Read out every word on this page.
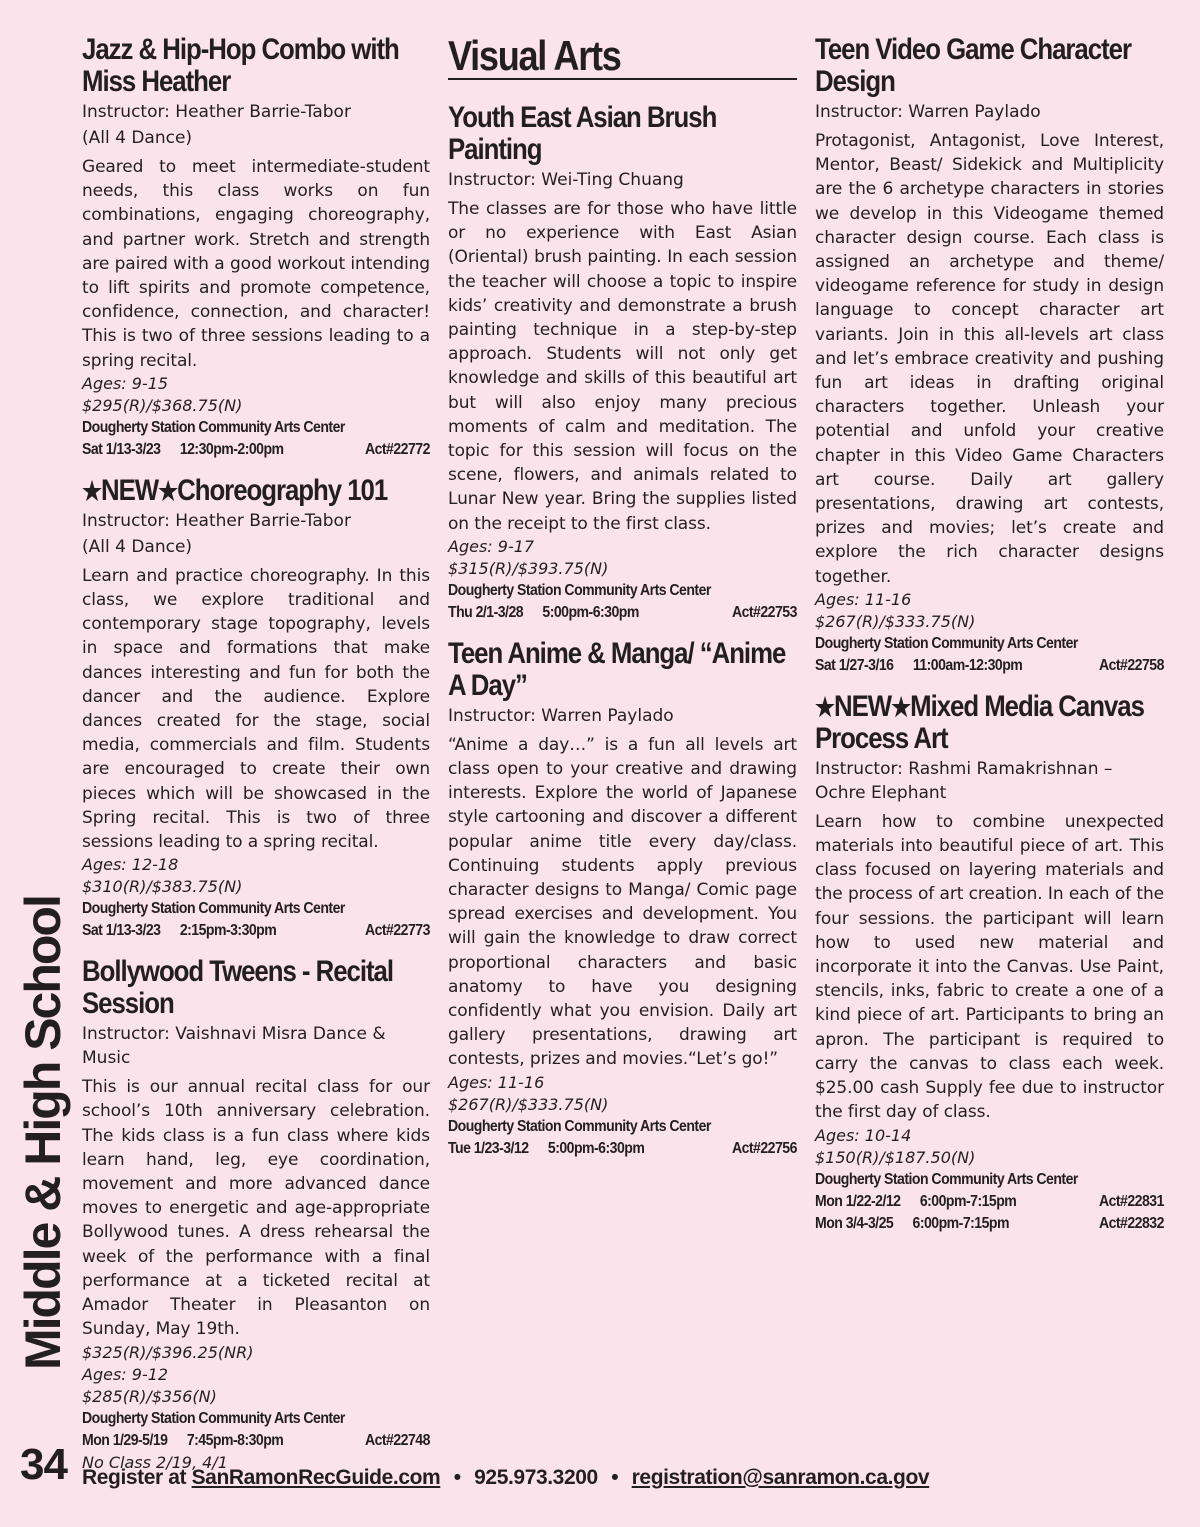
Jazz & Hip-Hop Combo with Miss Heather
Instructor: Heather Barrie-Tabor
(All 4 Dance)
Geared to meet intermediate-student needs, this class works on fun combinations, engaging choreography, and partner work. Stretch and strength are paired with a good workout intending to lift spirits and promote competence, confidence, connection, and character! This is two of three sessions leading to a spring recital.
Ages: 9-15
$295(R)/$368.75(N)
Dougherty Station Community Arts Center
Sat 1/13-3/23	12:30pm-2:00pm	Act#22772
★NEW★Choreography 101
Instructor: Heather Barrie-Tabor
(All 4 Dance)
Learn and practice choreography. In this class, we explore traditional and contemporary stage topography, levels in space and formations that make dances interesting and fun for both the dancer and the audience. Explore dances created for the stage, social media, commercials and film. Students are encouraged to create their own pieces which will be showcased in the Spring recital. This is two of three sessions leading to a spring recital.
Ages: 12-18
$310(R)/$383.75(N)
Dougherty Station Community Arts Center
Sat 1/13-3/23	2:15pm-3:30pm	Act#22773
Bollywood Tweens - Recital Session
Instructor: Vaishnavi Misra Dance & Music
This is our annual recital class for our school’s 10th anniversary celebration. The kids class is a fun class where kids learn hand, leg, eye coordination, movement and more advanced dance moves to energetic and age-appropriate Bollywood tunes. A dress rehearsal the week of the performance with a final performance at a ticketed recital at Amador Theater in Pleasanton on Sunday, May 19th.
$325(R)/$396.25(NR)
Ages: 9-12
$285(R)/$356(N)
Dougherty Station Community Arts Center
Mon 1/29-5/19	7:45pm-8:30pm	Act#22748
No Class 2/19, 4/1
Visual Arts
Youth East Asian Brush Painting
Instructor: Wei-Ting Chuang
The classes are for those who have little or no experience with East Asian (Oriental) brush painting. In each session the teacher will choose a topic to inspire kids’ creativity and demonstrate a brush painting technique in a step-by-step approach. Students will not only get knowledge and skills of this beautiful art but will also enjoy many precious moments of calm and meditation. The topic for this session will focus on the scene, flowers, and animals related to Lunar New year. Bring the supplies listed on the receipt to the first class.
Ages: 9-17
$315(R)/$393.75(N)
Dougherty Station Community Arts Center
Thu 2/1-3/28	5:00pm-6:30pm	Act#22753
Teen Anime & Manga/ “Anime A Day”
Instructor: Warren Paylado
“Anime a day…” is a fun all levels art class open to your creative and drawing interests. Explore the world of Japanese style cartooning and discover a different popular anime title every day/class. Continuing students apply previous character designs to Manga/ Comic page spread exercises and development. You will gain the knowledge to draw correct proportional characters and basic anatomy to have you designing confidently what you envision. Daily art gallery presentations, drawing art contests, prizes and movies.“Let’s go!”
Ages: 11-16
$267(R)/$333.75(N)
Dougherty Station Community Arts Center
Tue 1/23-3/12	5:00pm-6:30pm	Act#22756
Teen Video Game Character Design
Instructor: Warren Paylado
Protagonist, Antagonist, Love Interest, Mentor, Beast/ Sidekick and Multiplicity are the 6 archetype characters in stories we develop in this Videogame themed character design course. Each class is assigned an archetype and theme/ videogame reference for study in design language to concept character art variants. Join in this all-levels art class and let’s embrace creativity and pushing fun art ideas in drafting original characters together. Unleash your potential and unfold your creative chapter in this Video Game Characters art course. Daily art gallery presentations, drawing art contests, prizes and movies; let’s create and explore the rich character designs together.
Ages: 11-16
$267(R)/$333.75(N)
Dougherty Station Community Arts Center
Sat 1/27-3/16	11:00am-12:30pm	Act#22758
★NEW★Mixed Media Canvas Process Art
Instructor: Rashmi Ramakrishnan – Ochre Elephant
Learn how to combine unexpected materials into beautiful piece of art. This class focused on layering materials and the process of art creation. In each of the four sessions. the participant will learn how to used new material and incorporate it into the Canvas. Use Paint, stencils, inks, fabric to create a one of a kind piece of art. Participants to bring an apron. The participant is required to carry the canvas to class each week. $25.00 cash Supply fee due to instructor the first day of class.
Ages: 10-14
$150(R)/$187.50(N)
Dougherty Station Community Arts Center
Mon 1/22-2/12	6:00pm-7:15pm	Act#22831
Mon 3/4-3/25	6:00pm-7:15pm	Act#22832
Middle & High School
34 Register at SanRamonRecGuide.com • 925.973.3200 • registration@sanramon.ca.gov
